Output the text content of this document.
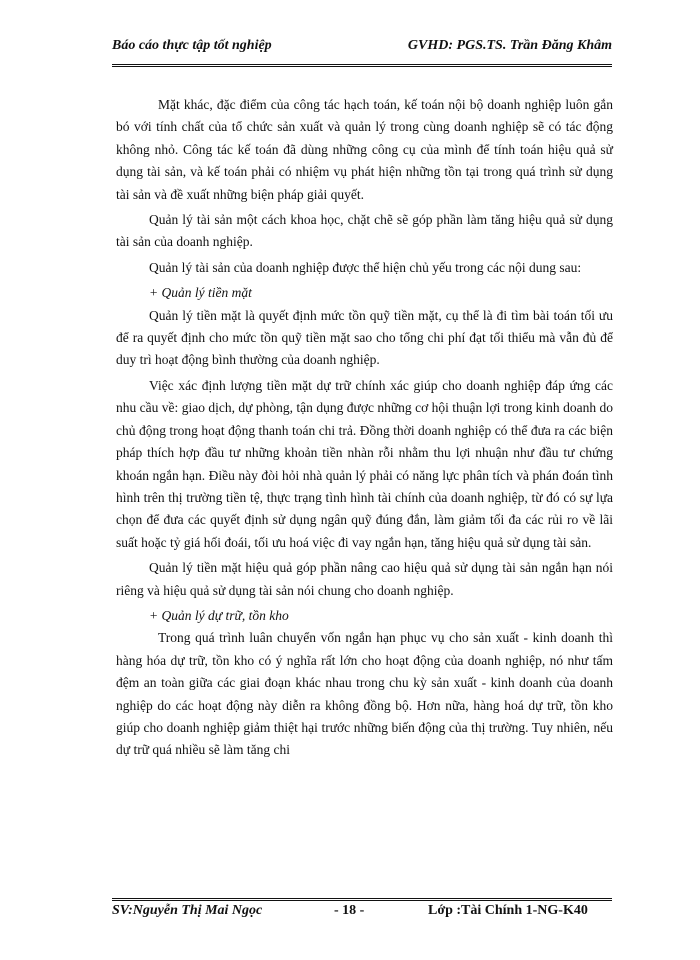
Báo cáo thực tập tốt nghiệp	GVHD: PGS.TS. Trần Đăng Khâm

Mặt khác, đặc điểm của công tác hạch toán, kế toán nội bộ doanh nghiệp luôn gắn bó với tính chất của tổ chức sản xuất và quản lý trong cùng doanh nghiệp sẽ có tác động không nhỏ. Công tác kế toán đã dùng những công cụ của mình để tính toán hiệu quả sử dụng tài sản, và kế toán phải có nhiệm vụ phát hiện những tồn tại trong quá trình sử dụng tài sản và đề xuất những biện pháp giải quyết.

Quản lý tài sản một cách khoa học, chặt chẽ sẽ góp phần làm tăng hiệu quả sử dụng tài sản của doanh nghiệp.

Quản lý tài sản của doanh nghiệp được thể hiện chủ yếu trong các nội dung sau:

+ Quản lý tiền mặt

Quản lý tiền mặt là quyết định mức tồn quỹ tiền mặt, cụ thể là đi tìm bài toán tối ưu để ra quyết định cho mức tồn quỹ tiền mặt sao cho tổng chi phí đạt tối thiểu mà vẫn đủ để duy trì hoạt động bình thường của doanh nghiệp.

Việc xác định lượng tiền mặt dự trữ chính xác giúp cho doanh nghiệp đáp ứng các nhu cầu về: giao dịch, dự phòng, tận dụng được những cơ hội thuận lợi trong kinh doanh do chủ động trong hoạt động thanh toán chi trả. Đồng thời doanh nghiệp có thể đưa ra các biện pháp thích hợp đầu tư những khoản tiền nhàn rỗi nhằm thu lợi nhuận như đầu tư chứng khoán ngắn hạn. Điều này đòi hỏi nhà quản lý phải có năng lực phân tích và phán đoán tình hình trên thị trường tiền tệ, thực trạng tình hình tài chính của doanh nghiệp, từ đó có sự lựa chọn để đưa các quyết định sử dụng ngân quỹ đúng đắn, làm giảm tối đa các rủi ro về lãi suất hoặc tỷ giá hối đoái, tối ưu hoá việc đi vay ngắn hạn, tăng hiệu quả sử dụng tài sản.

Quản lý tiền mặt hiệu quả góp phần nâng cao hiệu quả sử dụng tài sản ngắn hạn nói riêng và hiệu quả sử dụng tài sản nói chung cho doanh nghiệp.

+ Quản lý dự trữ, tồn kho

Trong quá trình luân chuyển vốn ngắn hạn phục vụ cho sản xuất - kinh doanh thì hàng hóa dự trữ, tồn kho có ý nghĩa rất lớn cho hoạt động của doanh nghiệp, nó như tấm đệm an toàn giữa các giai đoạn khác nhau trong chu kỳ sản xuất - kinh doanh của doanh nghiệp do các hoạt động này diễn ra không đồng bộ. Hơn nữa, hàng hoá dự trữ, tồn kho giúp cho doanh nghiệp giảm thiệt hại trước những biến động của thị trường. Tuy nhiên, nếu dự trữ quá nhiều sẽ làm tăng chi

SV:Nguyễn Thị Mai Ngọc	- 18 -	Lớp :Tài Chính 1-NG-K40
